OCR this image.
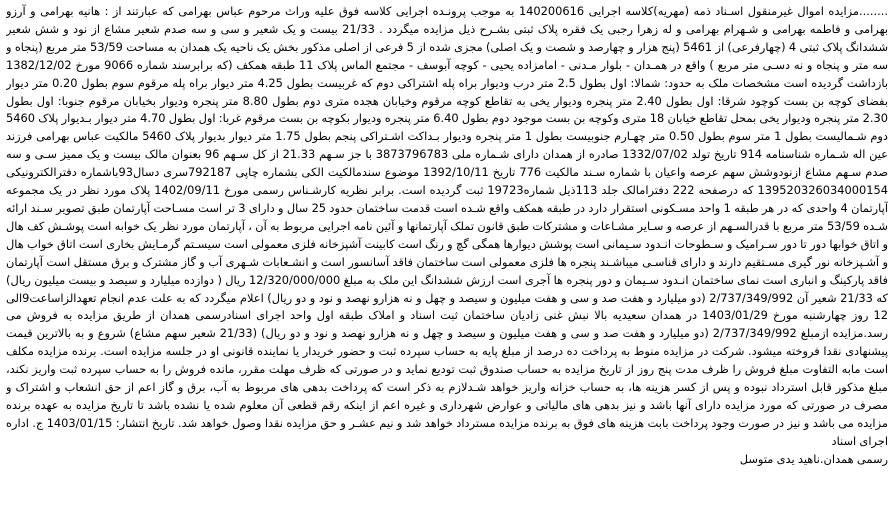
........مزایده اموال غیرمنقول اسـناد ذمه (مهریه)کلاسه اجرایی 140200616 به موجب پرونـده اجرایی کلاسه فوق علیه وراث مرحوم عباس بهرامی که عبارتند از : هانیه بهرامی و آرزو بهرامی و فاطمه بهرامی و شـهرام بهرامی و له زهرا رجبی یک فقره پلاک ثبتی بشـرح ذیل مزایده میگردد . 21/33 بیست و یک شعیر و سی و سه صدم شعیر مشاع از نود و شش شعیر ششدانگ پلاک ثبتی 4 (چهارفرعی) از 5461 (پنج هزار و چهارصد و شصت و یک اصلی) مجزی شده از 5 فرعی از اصلی مذکور بخش یک ناحیه یک همدان به مساحت 53/59 متر مربع (پنجاه و سه متر و پنجاه و نه دسـی متر مربع ) واقع در همـدان - بلوار مـدنی - امامزاده یحیی - کوچه آبوسف - مجتمع الماس پلاک 11 طبقه همکف (که برابرسند شماره 9066 مورخ 1382/12/02 بازداشت گردیده است مشخصات ملک به حدود: شمالا: اول بطول 2.5 متر درب ودیوار براه پله اشتراکی دوم که غربیست بطول 4.25 متر دیوار براه پله مرقوم سوم بطول 0.20 متر دیوار بفضای کوچه بن بست کوچود شرقا: اول بطول 2.40 متر پنجره ودیوار یخی به تقاطع کوچه مرقوم وخیابان هجده متری دوم بطول 8.80 متر پنجره ودیوار بخیابان مرقوم جنوبا: اول بطول 2.30 متر پنجره ودیوار یخی بمحل تقاطع خیابان 18 متری وکوچه بن بست موجود دوم بطول 6.40 متر پنجره ودیوار بکوچه بن بست مرقوم غربا: اول بطول 4.70 متر دیوار بـدیوار پلاک 5460 دوم شـمالیست بطول 1 متر سوم بطول 0.50 متر چهـارم جنوبیست بطول 1 متر پنجره ودیوار بـداکت اشـتراکی پنجم بطول 1.75 متر دیوار بدیوار پلاک 5460 مالکیت عباس بهرامی فرزند عین اله شـماره شناسنامه 914 تاریخ تولد 1332/07/02 صادره از همدان دارای شـماره ملی 3873796783 با جز سـهم 21.33 از کل سـهم 96 بعنوان مالک بیست و یک ممیز سـی و سه صدم سـهم مشاع ازنودوشش سهم عرصه واعیان با شماره سـند مالکیت 776 تاریخ 1392/10/11 موضوع سندمالکیت الکی بشماره چاپی 792187سری دسال93باشماره دفترالکترونیکی 139520326034000154 که درصفحه 222 دفترامالک جلد 113ذیل شماره19723 ثبت گردیده است. برابر نظریه کارشـناس رسمی مورخ 1402/09/11 پلاک مورد نظر در یک مجموعه آپارتمان 4 واحدی که در هر طبقه 1 واحد مسـکونی استقرار دارد در طبقه همکف واقع شـده است قدمت ساختمان حدود 25 سال و دارای 3 تر است مسـاحت آپارتمان طبق تصویر سـند ارائه شـده 53/59 متر مربع با قدرالسـهم از عرصه و سـایر مشـاعات و مشترکات طبق قانون تملک آپارتمانها و آئین نامه اجرایی مربوط به آن ، آپارتمان مورد نظر یک خوابه است پوشـش کف هال و اتاق خوابها دور تا دور سـرامیک و سـطوحات انـدود سـیمانی است پوشش دیوارها همگی گچ و رنگ است کابینت آشپزخانه فلزی معمولی است سیسـتم گرمـایش بخاری است اتاق خواب هال و آشـپزخانه نور گیری مسـتقیم دارند و دارای قناسـی میباشـند پنجره ها فلزی معمولی است ساختمان فاقد آسانسور است و انشـعابات شـهری آب و گاز مشترک و برق مستقل است آپارتمان فاقد پارکینگ و انباری است نمای ساختمان انـدود سـیمان و دور پنجره ها آجری است ارزش ششدانگ این ملک به مبلغ 12/320/000/000 ریال ( دوازده میلیارد و سیصد و بیست میلیون ریال) که 21/33 شعیر آن 2/737/349/992 (دو میلیارد و هفت صد و سی و هفت میلیون و سیصد و چهل و نه هزارو نهصد و نود و دو ریال) اعلام میگردد که به علت عدم انجام تعهدالزاساعت9الی 12 روز چهارشنبه مورخ 1403/01/29 در همدان سعیدیه بالا نبش غنی زادیان ساختمان ثبت اسناد و املاک طبقه اول واحد اجرای اسنادرسمی همدان از طریق مزایده به فروش می رسد.مزایده ازمبلغ 2/737/349/992 (دو میلیارد و هفت صد و سی و هفت میلیون و سیصد و چهل و نه هزارو نهصد و نود و دو ریال) (21/33 شعیر سهم مشاع) شروع و به بالاترین قیمت پیشنهادی نقدا فروخته میشود. شرکت در مزایده منوط به پرداخت ده درصد از مبلغ پایه به حساب سپرده ثبت و حضور خریدار یا نماینده قانونی او در جلسه مزایده است. برنده مزایده مکلف است مابه التفاوت مبلغ فروش را ظرف مدت پنج روز از تاریخ مزایده به حساب صندوق ثبت تودیع نماید و در صورتی که ظرف مهلت مقرر، مانده فروش را به حساب سپرده ثبت واریز نکند، مبلغ مذکور قابل استرداد نبوده و پس از کسر هزینه ها، به حساب خزانه واریز خواهد شـدلازم به ذکر است که پرداخت بدهی های مربوط به آب، برق و گاز اعم از حق انشعاب و اشتراک و مصرف در صورتی که مورد مزایده دارای آنها باشد و نیز بدهی های مالیاتی و عوارض شهرداری و غیره اعم از اینکه رقم قطعی آن معلوم شده یا نشده باشد تا تاریخ مزایده به عهده برنده مزایده می باشد و نیز در صورت وجود پرداخت بابت هزینه های فوق به برنده مزایده مسترداد خواهد شد و نیم عشـر و حق مزایده نقدا وصول خواهد شد. تاریخ انتشار: 1403/01/15 ج. اداره اجرای اسناد

رسمی همدان.ناهید یدی متوسل
